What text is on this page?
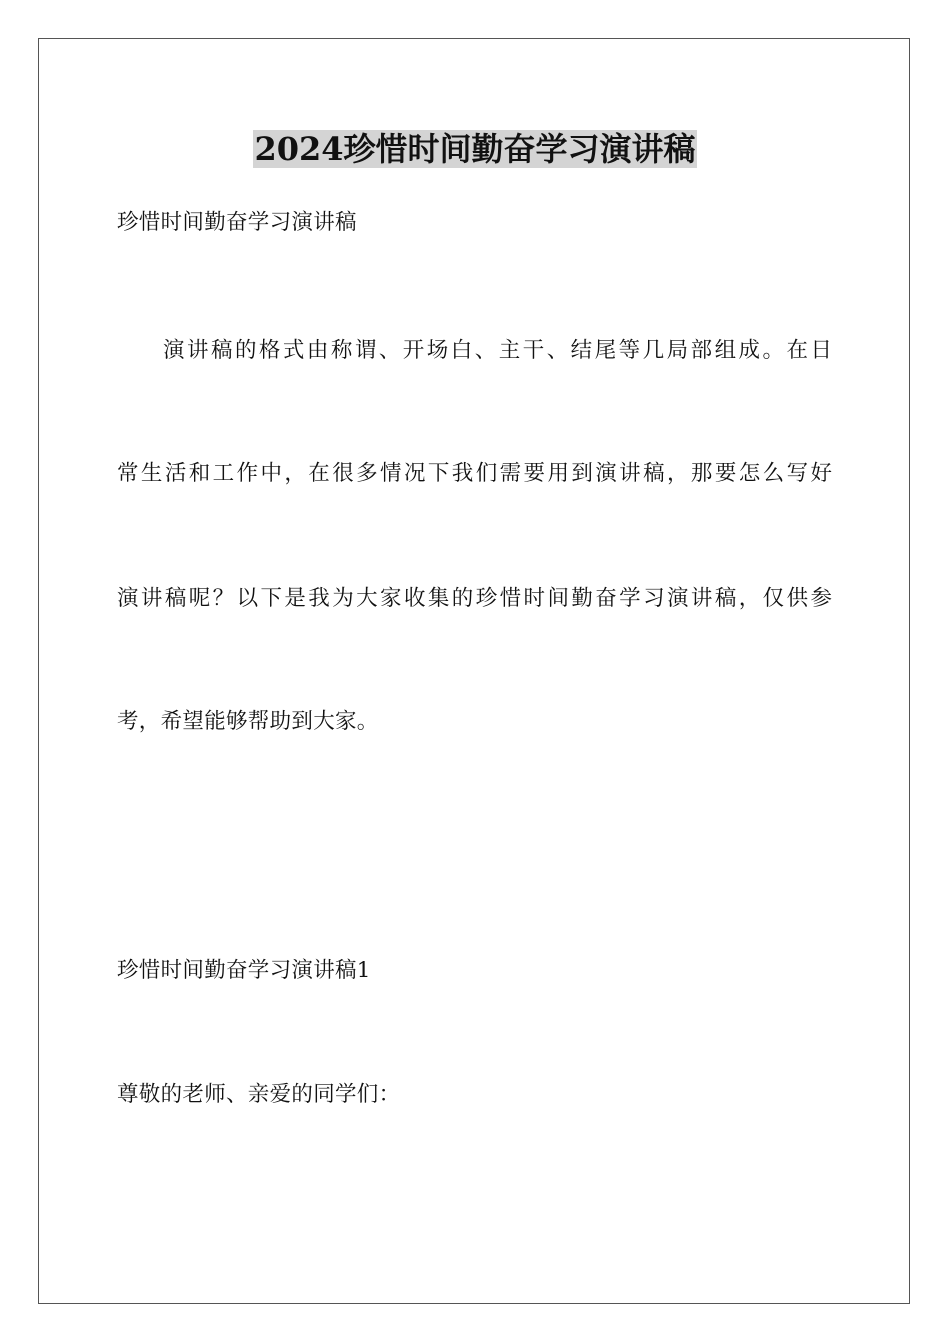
2024珍惜时间勤奋学习演讲稿

珍惜时间勤奋学习演讲稿

演讲稿的格式由称谓、开场白、主干、结尾等几局部组成。在日

常生活和工作中，在很多情况下我们需要用到演讲稿，那要怎么写好

演讲稿呢？以下是我为大家收集的珍惜时间勤奋学习演讲稿，仅供参

考，希望能够帮助到大家。

珍惜时间勤奋学习演讲稿1

尊敬的老师、亲爱的同学们：
